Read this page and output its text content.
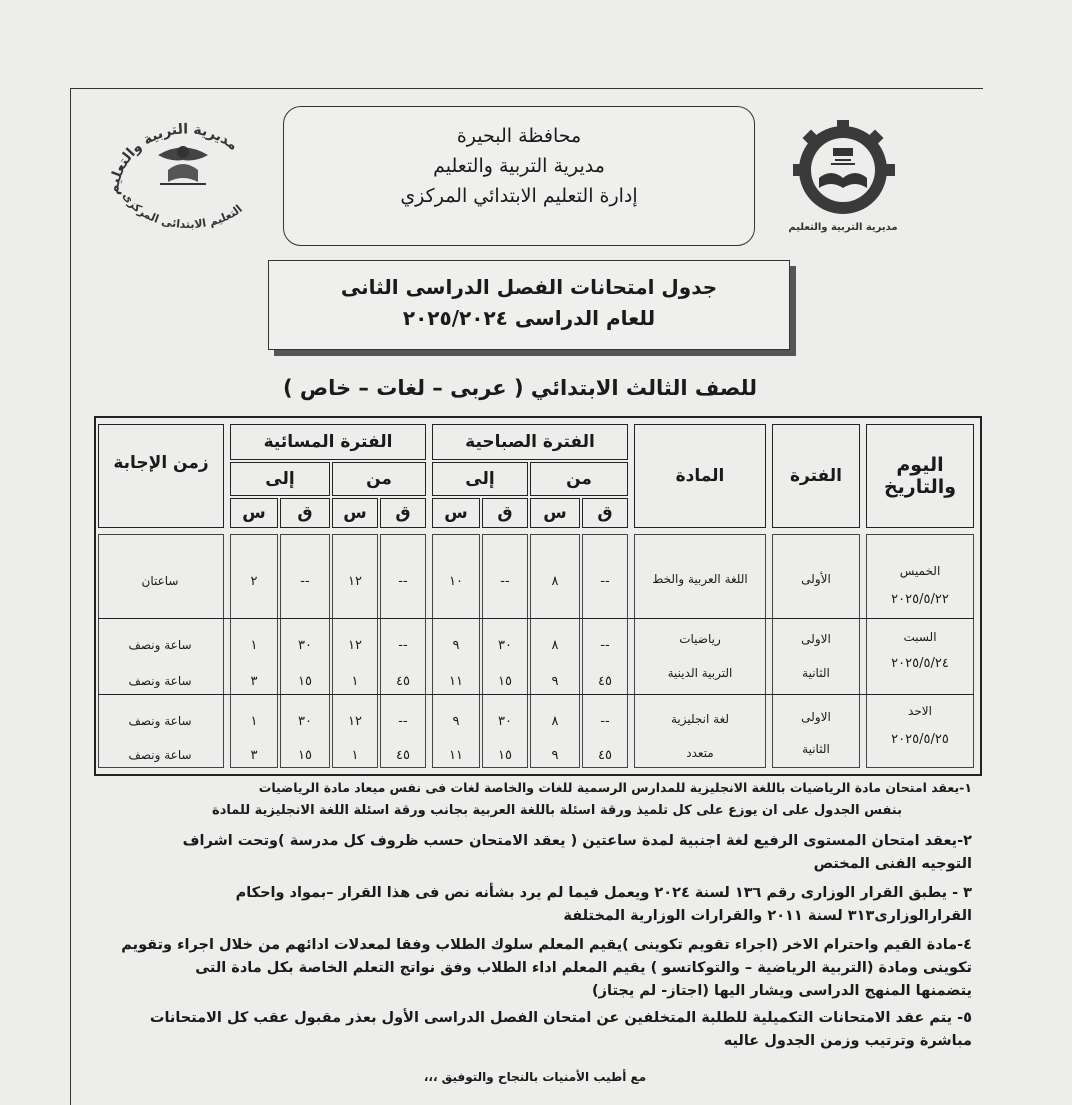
مديرية التربية والتعليم
التعليم الابتدائى المركزى
مديرية التربية والتعليم
محافظة البحيرة
مديرية التربية والتعليم
إدارة التعليم الابتدائي المركزي
جدول امتحانات الفصل الدراسى الثانى
للعام الدراسى ٢٠٢٥/٢٠٢٤
للصف الثالث الابتدائي ( عربى – لغات – خاص )
اليوم والتاريخ
الفترة
المادة
الفترة الصباحية
من
إلى
ق
س
ق
س
الفترة المسائية
من
إلى
ق
س
ق
س
زمن الإجابة
الخميس
٢٠٢٥/٥/٢٢
الأولى
اللغة العربية والخط
--
٨
--
١٠
--
١٢
--
٢
ساعتان
السبت
٢٠٢٥/٥/٢٤
الاولى
رياضيات
--
٨
٣٠
٩
--
١٢
٣٠
١
ساعة ونصف
الثانية
التربية الدينية
٤٥
٩
١٥
١١
٤٥
١
١٥
٣
ساعة ونصف
الاحد
٢٠٢٥/٥/٢٥
الاولى
لغة انجليزية
--
٨
٣٠
٩
--
١٢
٣٠
١
ساعة ونصف
الثانية
متعدد
٤٥
٩
١٥
١١
٤٥
١
١٥
٣
ساعة ونصف

١-يعقد امتحان مادة الرياضيات باللغة الانجليزية للمدارس الرسمية للغات والخاصة لغات فى نفس ميعاد مادة الرياضيات

بنفس الجدول على ان يوزع على كل تلميذ ورقة اسئلة باللغة العربية بجانب ورقة اسئلة اللغة الانجليزية للمادة

٢-يعقد امتحان المستوى الرفيع لغة اجنبية لمدة ساعتين ( يعقد الامتحان حسب ظروف كل مدرسة )وتحت اشراف

التوجيه الفنى المختص

٣ - يطبق القرار الوزارى رقم ١٣٦ لسنة ٢٠٢٤ ويعمل فيما لم يرد بشأنه نص فى هذا القرار –بمواد واحكام

القرارالوزارى٣١٣ لسنة ٢٠١١ والقرارات الوزارية المختلفة

٤-مادة القيم واحترام الاخر (اجراء تقويم تكوينى )يقيم المعلم سلوك الطلاب وفقا لمعدلات ادائهم من خلال اجراء وتقويم

تكوينى ومادة (التربية الرياضية – والتوكاتسو ) يقيم المعلم اداء الطلاب وفق نواتج التعلم الخاصة بكل مادة التى

يتضمنها المنهج الدراسى ويشار اليها (اجتاز- لم يجتاز)

٥- يتم عقد الامتحانات التكميلية للطلبة المتخلفين عن امتحان الفصل الدراسى الأول بعذر مقبول عقب كل الامتحانات

مباشرة وترتيب وزمن الجدول عاليه

مع أطيب الأمنيات بالنجاح والتوفيق ،،،
